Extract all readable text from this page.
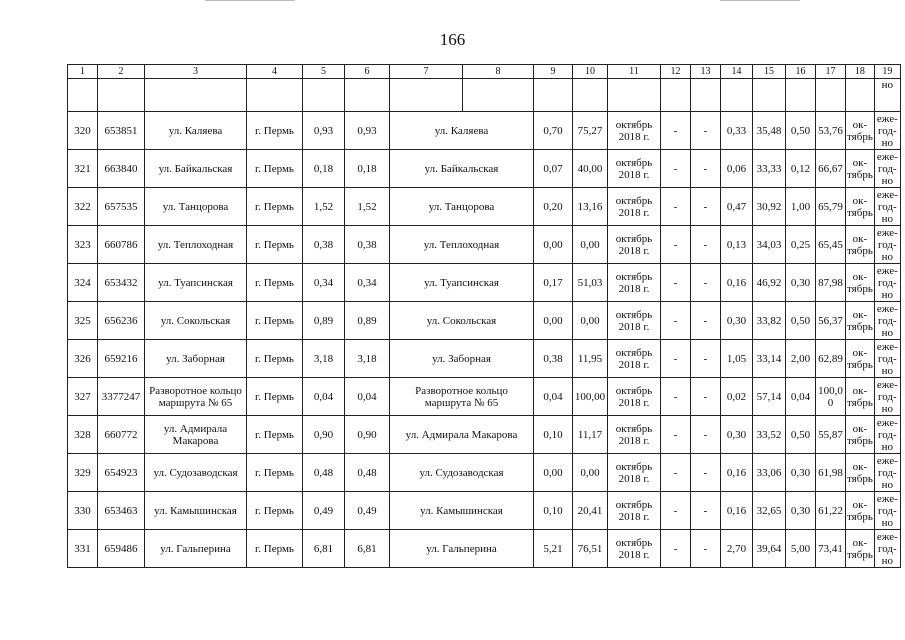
166
1	2	3	4	5	6	7	8	9	10	11	12	13	14	15	16	17	18	19
																		но
320	653851	ул. Каляева	г. Пермь	0,93	0,93	ул. Каляева		0,70	75,27	октябрь 2018 г.	-	-	0,33	35,48	0,50	53,76	ок-тябрь	еже-год-но
321	663840	ул. Байкальская	г. Пермь	0,18	0,18	ул. Байкальская		0,07	40,00	октябрь 2018 г.	-	-	0,06	33,33	0,12	66,67	ок-тябрь	еже-год-но
322	657535	ул. Танцорова	г. Пермь	1,52	1,52	ул. Танцорова		0,20	13,16	октябрь 2018 г.	-	-	0,47	30,92	1,00	65,79	ок-тябрь	еже-год-но
323	660786	ул. Теплоходная	г. Пермь	0,38	0,38	ул. Теплоходная		0,00	0,00	октябрь 2018 г.	-	-	0,13	34,03	0,25	65,45	ок-тябрь	еже-год-но
324	653432	ул. Туапсинская	г. Пермь	0,34	0,34	ул. Туапсинская		0,17	51,03	октябрь 2018 г.	-	-	0,16	46,92	0,30	87,98	ок-тябрь	еже-год-но
325	656236	ул. Сокольская	г. Пермь	0,89	0,89	ул. Сокольская		0,00	0,00	октябрь 2018 г.	-	-	0,30	33,82	0,50	56,37	ок-тябрь	еже-год-но
326	659216	ул. Заборная	г. Пермь	3,18	3,18	ул. Заборная		0,38	11,95	октябрь 2018 г.	-	-	1,05	33,14	2,00	62,89	ок-тябрь	еже-год-но
327	3377247	Разворотное кольцо маршрута № 65	г. Пермь	0,04	0,04	Разворотное кольцо маршрута № 65		0,04	100,00	октябрь 2018 г.	-	-	0,02	57,14	0,04	100,0 0	ок-тябрь	еже-год-но
328	660772	ул. Адмирала Макарова	г. Пермь	0,90	0,90	ул. Адмирала Макарова		0,10	11,17	октябрь 2018 г.	-	-	0,30	33,52	0,50	55,87	ок-тябрь	еже-год-но
329	654923	ул. Судозаводская	г. Пермь	0,48	0,48	ул. Судозаводская		0,00	0,00	октябрь 2018 г.	-	-	0,16	33,06	0,30	61,98	ок-тябрь	еже-год-но
330	653463	ул. Камышинская	г. Пермь	0,49	0,49	ул. Камышинская		0,10	20,41	октябрь 2018 г.	-	-	0,16	32,65	0,30	61,22	ок-тябрь	еже-год-но
331	659486	ул. Гальперина	г. Пермь	6,81	6,81	ул. Гальперина		5,21	76,51	октябрь 2018 г.	-	-	2,70	39,64	5,00	73,41	ок-тябрь	еже-год-но
